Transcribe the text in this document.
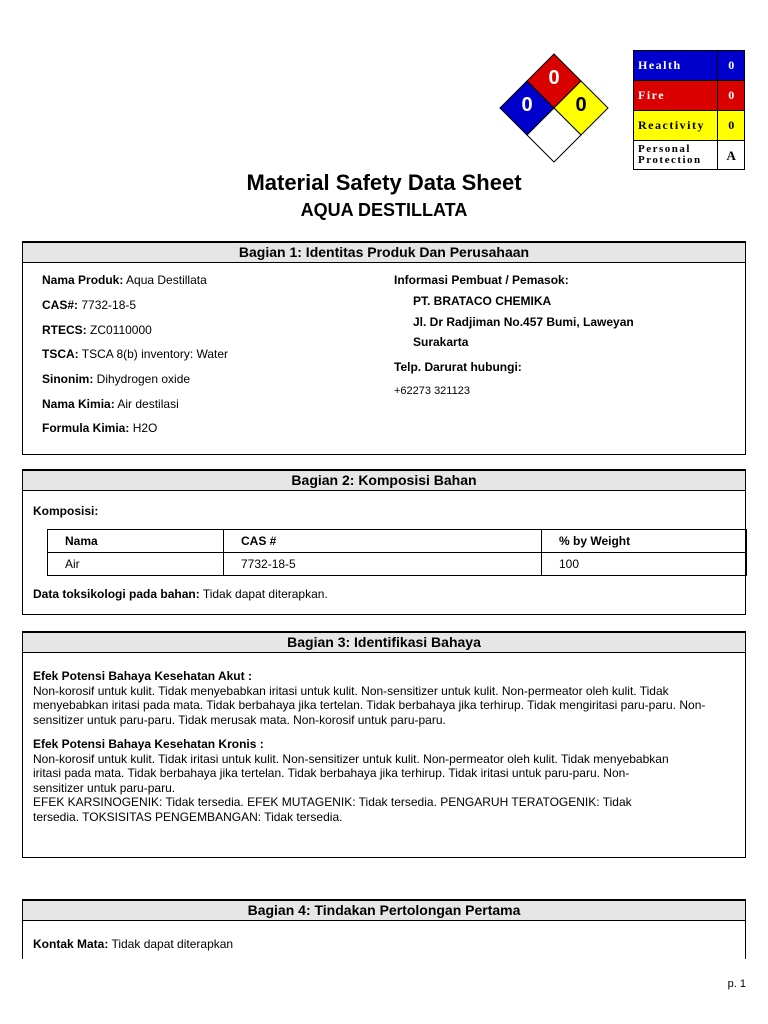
0
0	0
Health	0
Fire	0
Reactivity	0
Personal
Protection	A
Material Safety Data Sheet
AQUA DESTILLATA
Bagian 1: Identitas Produk Dan Perusahaan
Nama Produk: Aqua Destillata
CAS#: 7732-18-5
RTECS: ZC0110000
TSCA: TSCA 8(b) inventory: Water
Sinonim: Dihydrogen oxide
Nama Kimia: Air destilasi
Formula Kimia: H2O
Informasi Pembuat / Pemasok:
PT. BRATACO CHEMIKA
Jl. Dr Radjiman No.457 Bumi, Laweyan
Surakarta
Telp. Darurat hubungi:
+62273 321123
Bagian 2: Komposisi Bahan
Komposisi:
Nama	CAS #	% by Weight
Air	7732-18-5	100
Data toksikologi pada bahan: Tidak dapat diterapkan.
Bagian 3: Identifikasi Bahaya
Efek Potensi Bahaya Kesehatan Akut :
Non-korosif untuk kulit. Tidak menyebabkan iritasi untuk kulit. Non-sensitizer untuk kulit. Non-permeator oleh kulit. Tidak
menyebabkan iritasi pada mata. Tidak berbahaya jika tertelan. Tidak berbahaya jika terhirup. Tidak mengiritasi paru-paru. Non-
sensitizer untuk paru-paru. Tidak merusak mata. Non-korosif untuk paru-paru.
Efek Potensi Bahaya Kesehatan Kronis :
Non-korosif untuk kulit. Tidak iritasi untuk kulit. Non-sensitizer untuk kulit. Non-permeator oleh kulit. Tidak menyebabkan
iritasi pada mata. Tidak berbahaya jika tertelan. Tidak berbahaya jika terhirup. Tidak iritasi untuk paru-paru. Non-
sensitizer untuk paru-paru.
EFEK KARSINOGENIK: Tidak tersedia. EFEK MUTAGENIK: Tidak tersedia. PENGARUH TERATOGENIK: Tidak
tersedia. TOKSISITAS PENGEMBANGAN: Tidak tersedia.
Bagian 4: Tindakan Pertolongan Pertama
Kontak Mata: Tidak dapat diterapkan
p. 1
